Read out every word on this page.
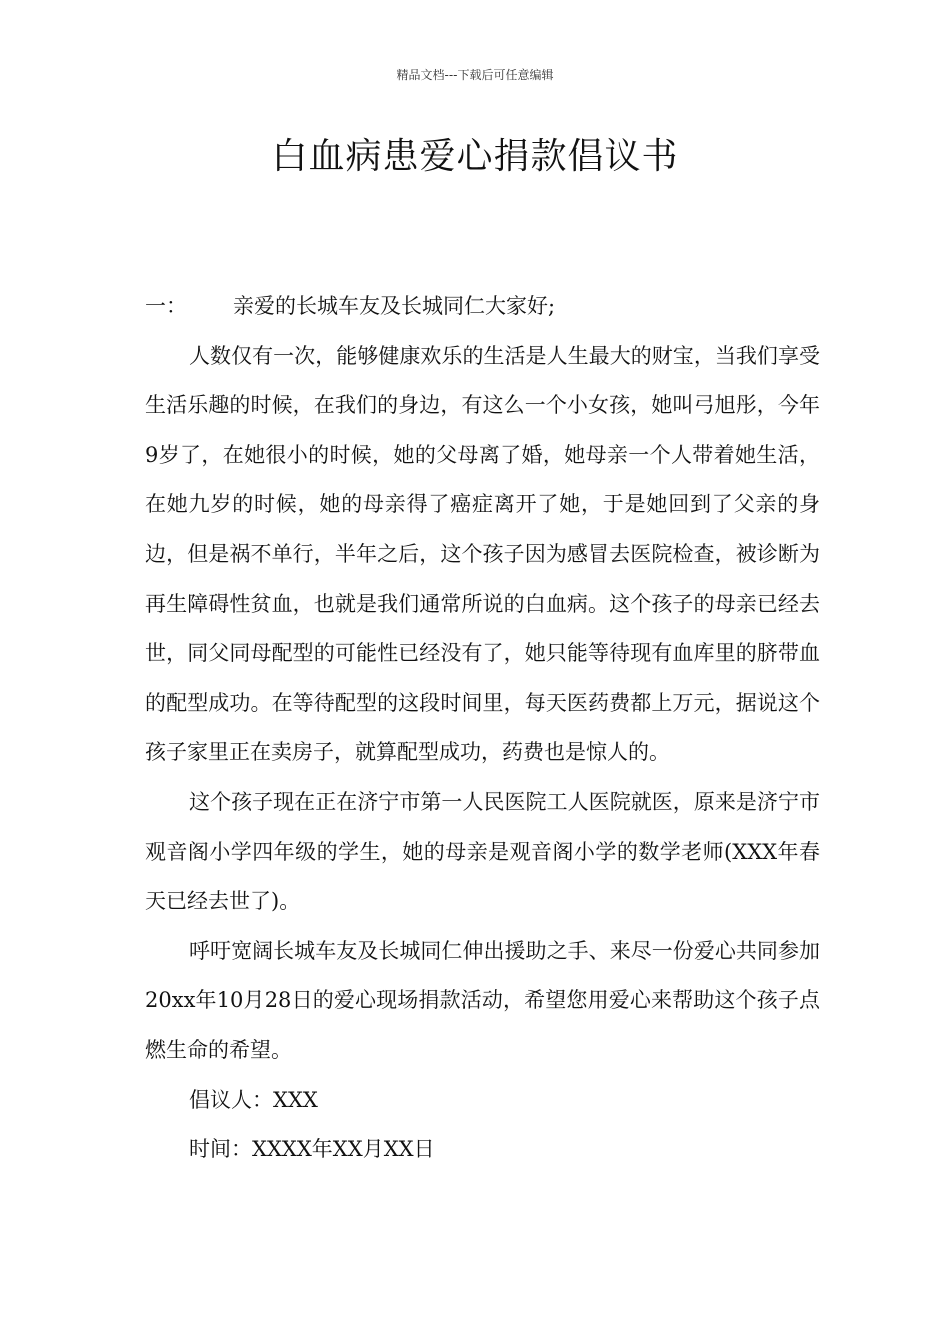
精品文档---下载后可任意编辑
白血病患爱心捐款倡议书

一： 亲爱的长城车友及长城同仁大家好;

人数仅有一次，能够健康欢乐的生活是人生最大的财宝，当我们享受生活乐趣的时候，在我们的身边，有这么一个小女孩，她叫弓旭彤，今年9岁了，在她很小的时候，她的父母离了婚，她母亲一个人带着她生活，在她九岁的时候，她的母亲得了癌症离开了她，于是她回到了父亲的身边，但是祸不单行，半年之后，这个孩子因为感冒去医院检查，被诊断为再生障碍性贫血，也就是我们通常所说的白血病。这个孩子的母亲已经去世，同父同母配型的可能性已经没有了，她只能等待现有血库里的脐带血的配型成功。在等待配型的这段时间里，每天医药费都上万元，据说这个孩子家里正在卖房子，就算配型成功，药费也是惊人的。

这个孩子现在正在济宁市第一人民医院工人医院就医，原来是济宁市观音阁小学四年级的学生，她的母亲是观音阁小学的数学老师(XXX年春天已经去世了)。

呼吁宽阔长城车友及长城同仁伸出援助之手、来尽一份爱心共同参加20xx年10月28日的爱心现场捐款活动，希望您用爱心来帮助这个孩子点燃生命的希望。

倡议人：XXX

时间：XXXX年XX月XX日
